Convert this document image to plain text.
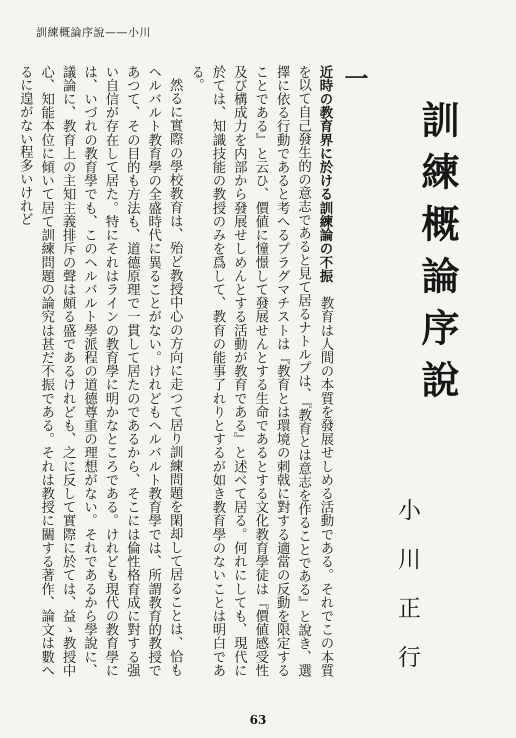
訓練概論序說——小川
訓練概論序說
小川正行
一

近時の教育界に於ける訓練論の不振　教育は人間の本質を發展せしめる活動である。それでこの本質を以て自己發生的の意志であると見て居るナトルプは、『教育とは意志を作ることである』と說き、選擇に依る行動であると考へるプラグマチストは『教育とは環境の刺戟に對する適當の反動を限定することである』と云ひ、價値に憧憬して發展せんとする生命であるとする文化教育學徒は『價値感受性及び構成力を内部から發展せしめんとする活動が教育である』と述べて居る。何れにしても、現代に於ては、知識技能の教授のみを爲して、教育の能事了れりとするが如き教育學のないことは明白である。

然るに實際の學校教育は、殆ど教授中心の方向に走つて居り訓練問題を閑却して居ることは、恰もヘルバルト教育學の全盛時代に異ることがない。けれどもヘルバルト教育學では、所謂教育的教授であつて、その目的も方法も、道德原理で一貫して居たのであるから、そこには倫性格育成に對する强い自信が存在して居た。特にそれはラインの教育學に明かなところである。けれども現代の教育學には、いづれの教育學でも、このヘルバルト學派程の道德尊重の理想がない。それであるから學說に、議論に、教育上の主知主義排斥の聲は頗る盛であるけれども、之に反して實際に於ては、益ゝ教授中心、知能本位に傾いて居て訓練問題の論究は甚だ不振である。それは教授に關する著作、論文は數へるに遑がない程多いけれど

63
